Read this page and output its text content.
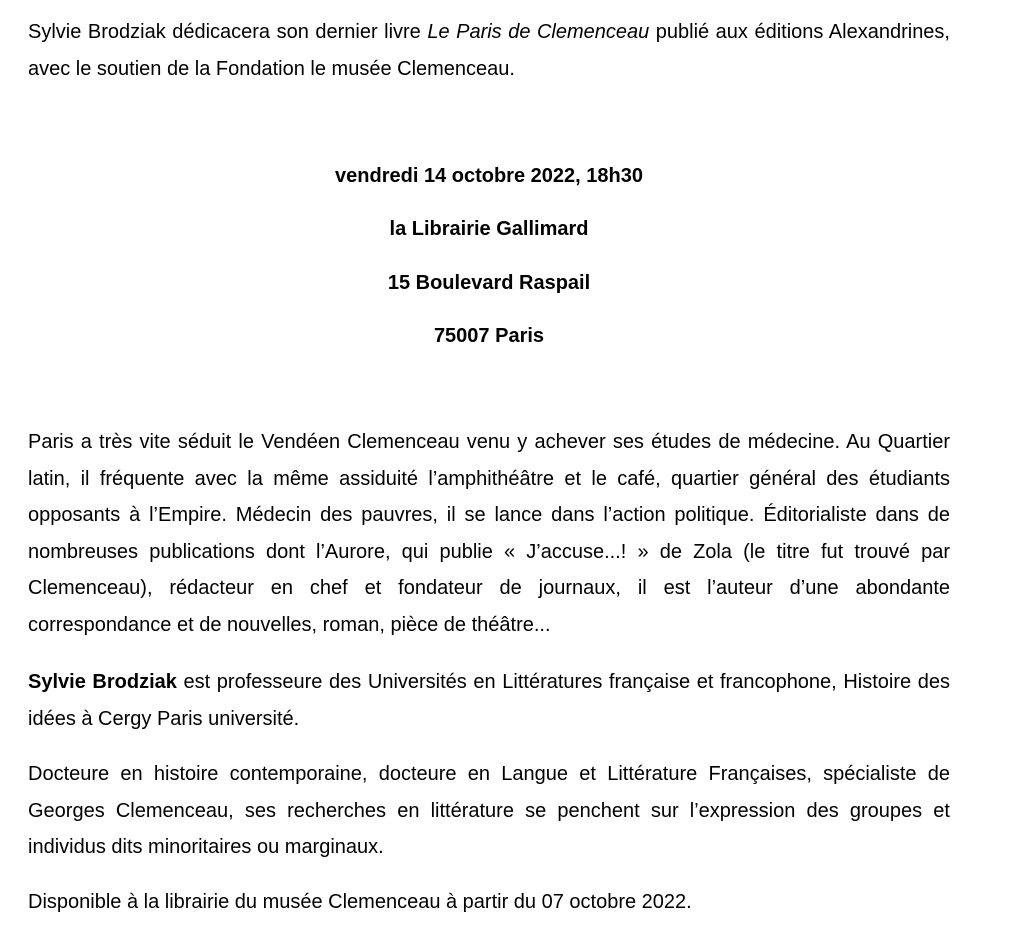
Sylvie Brodziak dédicacera son dernier livre Le Paris de Clemenceau publié aux éditions Alexandrines, avec le soutien de la Fondation le musée Clemenceau.

vendredi 14 octobre 2022, 18h30

la Librairie Gallimard

15 Boulevard Raspail

75007 Paris

Paris a très vite séduit le Vendéen Clemenceau venu y achever ses études de médecine. Au Quartier latin, il fréquente avec la même assiduité l’amphithéâtre et le café, quartier général des étudiants opposants à l’Empire. Médecin des pauvres, il se lance dans l’action politique. Éditorialiste dans de nombreuses publications dont l’Aurore, qui publie « J’accuse...! » de Zola (le titre fut trouvé par Clemenceau), rédacteur en chef et fondateur de journaux, il est l’auteur d’une abondante correspondance et de nouvelles, roman, pièce de théâtre...

Sylvie Brodziak est professeure des Universités en Littératures française et francophone, Histoire des idées à Cergy Paris université.

Docteure en histoire contemporaine, docteure en Langue et Littérature Françaises, spécialiste de Georges Clemenceau, ses recherches en littérature se penchent sur l’expression des groupes et individus dits minoritaires ou marginaux.

Disponible à la librairie du musée Clemenceau à partir du 07 octobre 2022.
